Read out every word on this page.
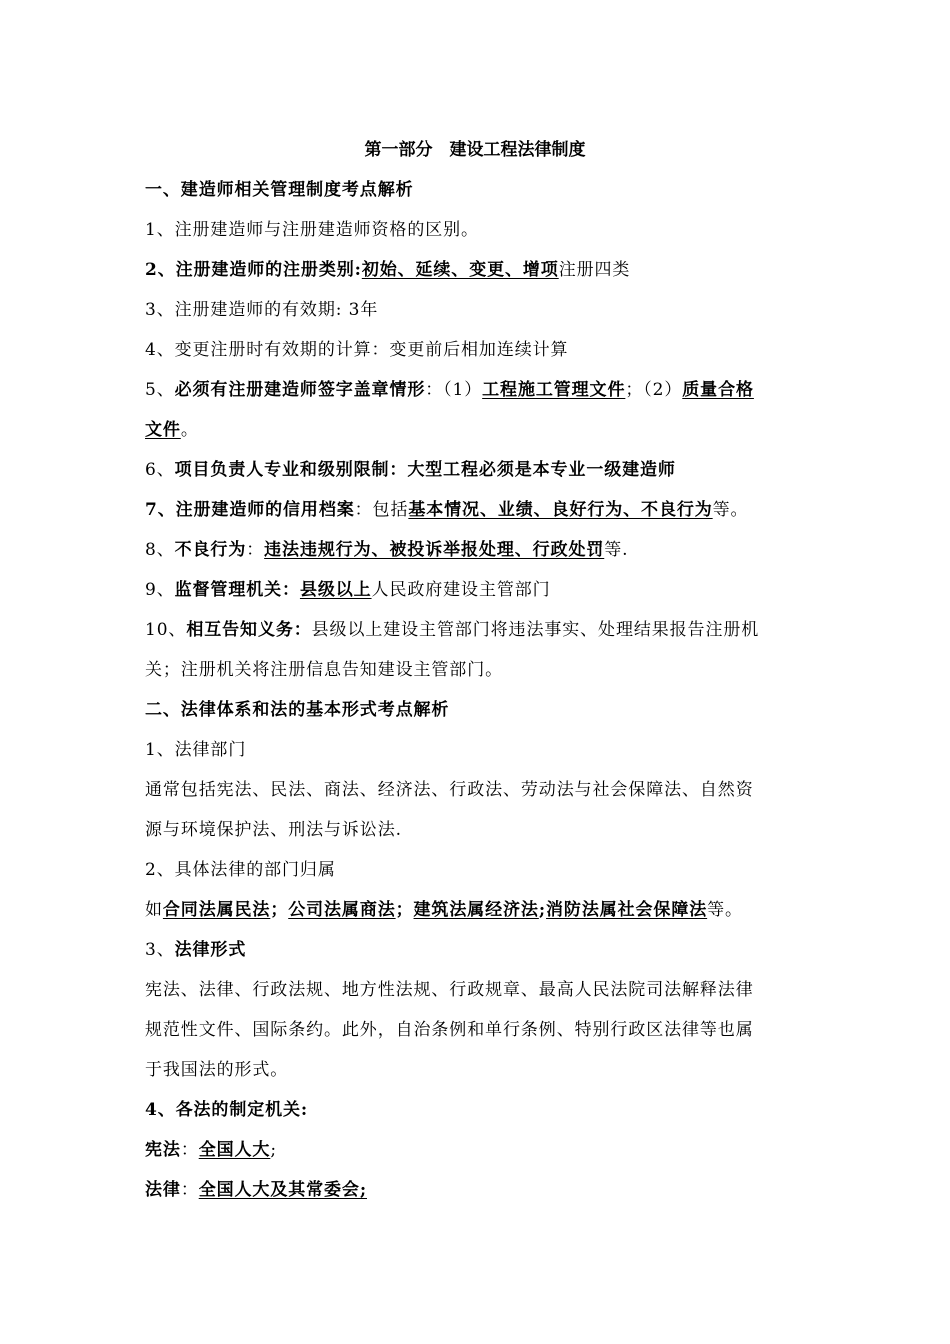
第一部分　建设工程法律制度
一、建造师相关管理制度考点解析
1、注册建造师与注册建造师资格的区别。
2、注册建造师的注册类别:初始、延续、变更、增项注册四类
3、注册建造师的有效期: 3年
4、变更注册时有效期的计算：变更前后相加连续计算
5、必须有注册建造师签字盖章情形：（1）工程施工管理文件；（2）质量合格
文件。
6、项目负责人专业和级别限制：大型工程必须是本专业一级建造师
7、注册建造师的信用档案：包括基本情况、业绩、良好行为、不良行为等。
8、不良行为：违法违规行为、被投诉举报处理、行政处罚等.
9、监督管理机关：县级以上人民政府建设主管部门
10、相互告知义务：县级以上建设主管部门将违法事实、处理结果报告注册机
关；注册机关将注册信息告知建设主管部门。
二、法律体系和法的基本形式考点解析
1、法律部门
通常包括宪法、民法、商法、经济法、行政法、劳动法与社会保障法、自然资
源与环境保护法、刑法与诉讼法.
2、具体法律的部门归属
如合同法属民法；公司法属商法；建筑法属经济法;消防法属社会保障法等。
3、法律形式
宪法、法律、行政法规、地方性法规、行政规章、最高人民法院司法解释法律
规范性文件、国际条约。此外，自治条例和单行条例、特别行政区法律等也属
于我国法的形式。
4、各法的制定机关:
宪法：全国人大;
法律：全国人大及其常委会;
